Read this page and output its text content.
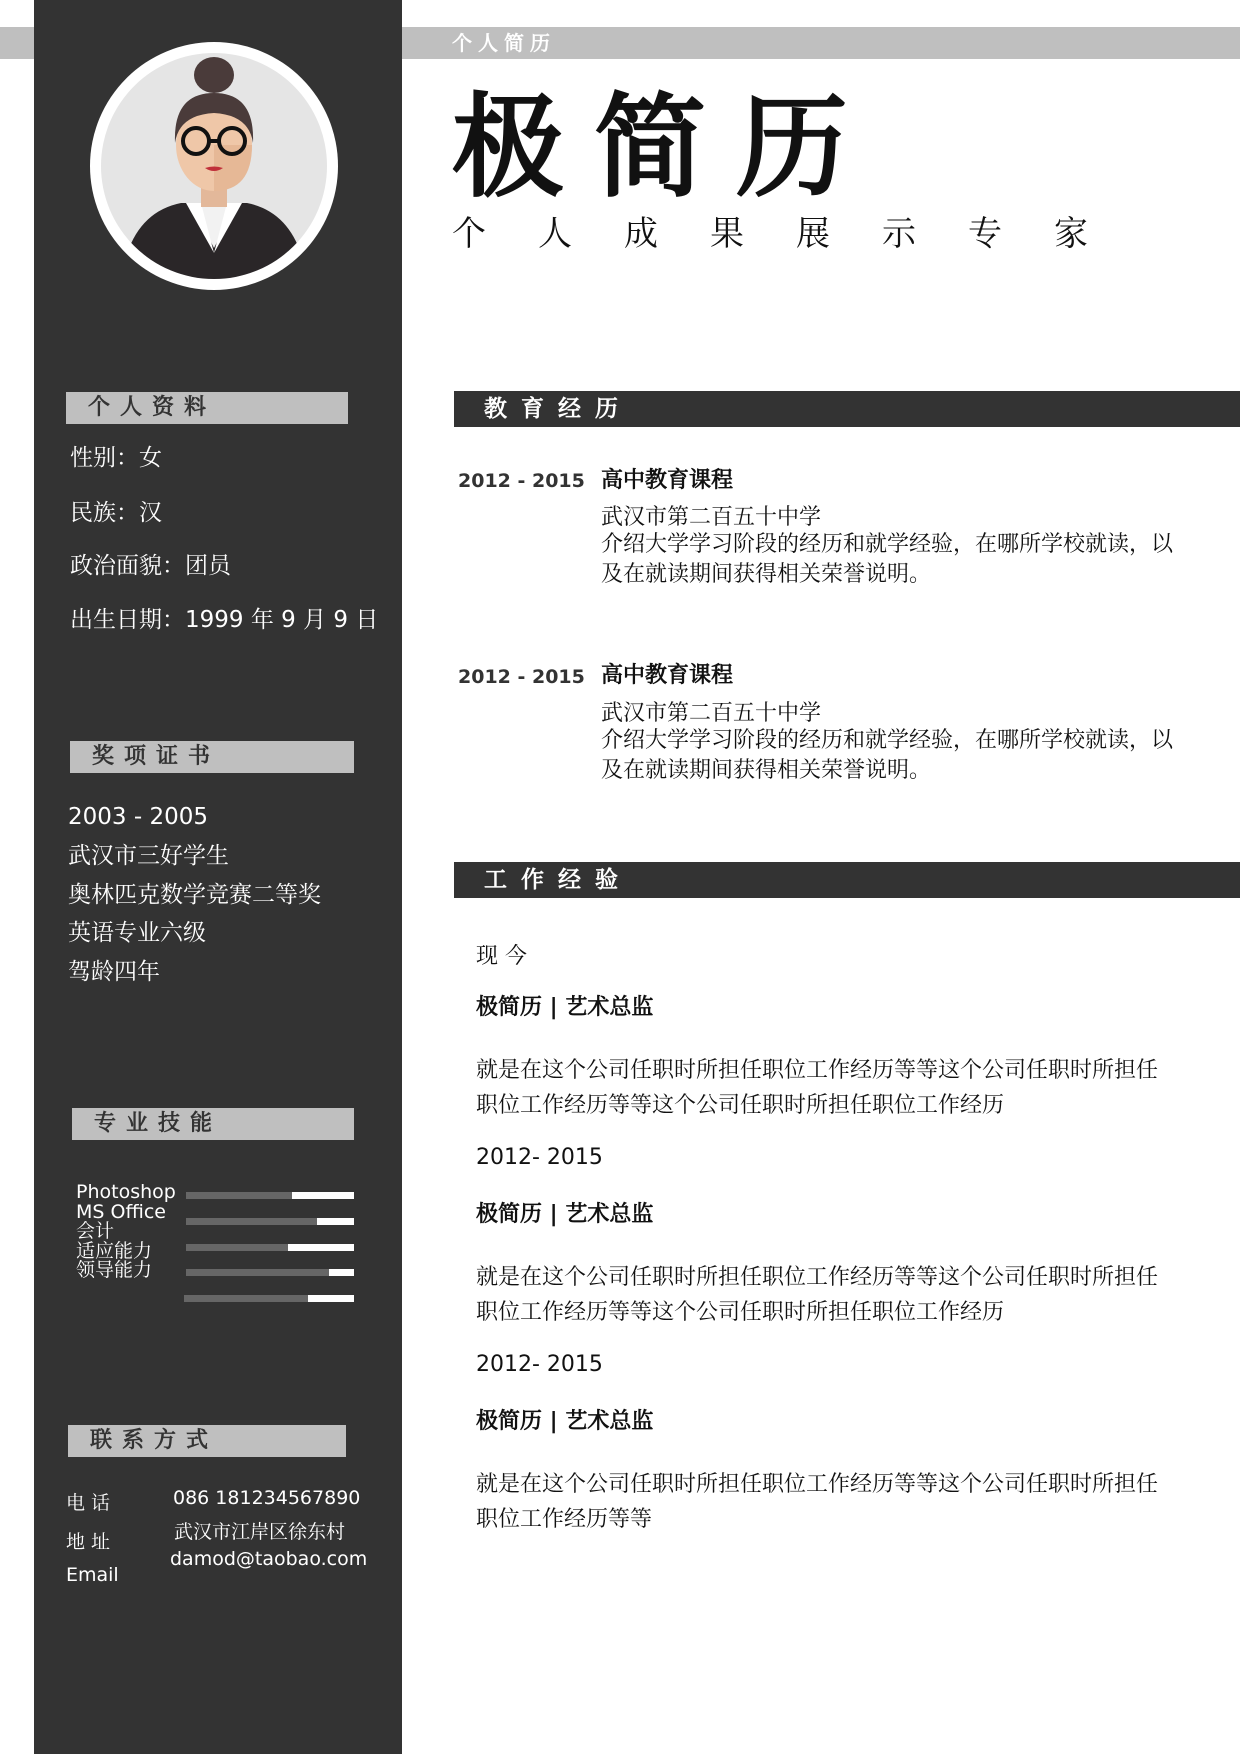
个人简历
个人资料
性别：女
民族：汉
政治面貌：团员
出生日期：1999 年 9 月 9 日
奖项证书
2003 - 2005
武汉市三好学生
奥林匹克数学竞赛二等奖
英语专业六级
驾龄四年
专业技能
Photoshop
MS Office
会计
适应能力
领导能力
联系方式
电 话
地 址
Email
086 181234567890
武汉市江岸区徐东村
damod@taobao.com
极简历
个人成果展示专家
教育经历
2012 - 2015 高中教育课程
武汉市第二百五十中学
介绍大学学习阶段的经历和就学经验，在哪所学校就读，以及在就读期间获得相关荣誉说明。
2012 - 2015 高中教育课程
武汉市第二百五十中学
介绍大学学习阶段的经历和就学经验，在哪所学校就读，以及在就读期间获得相关荣誉说明。
工作经验
现 今
极简历 | 艺术总监
就是在这个公司任职时所担任职位工作经历等等这个公司任职时所担任职位工作经历等等这个公司任职时所担任职位工作经历
2012- 2015
极简历 | 艺术总监
就是在这个公司任职时所担任职位工作经历等等这个公司任职时所担任职位工作经历等等这个公司任职时所担任职位工作经历
2012- 2015
极简历 | 艺术总监
就是在这个公司任职时所担任职位工作经历等等这个公司任职时所担任职位工作经历等等
